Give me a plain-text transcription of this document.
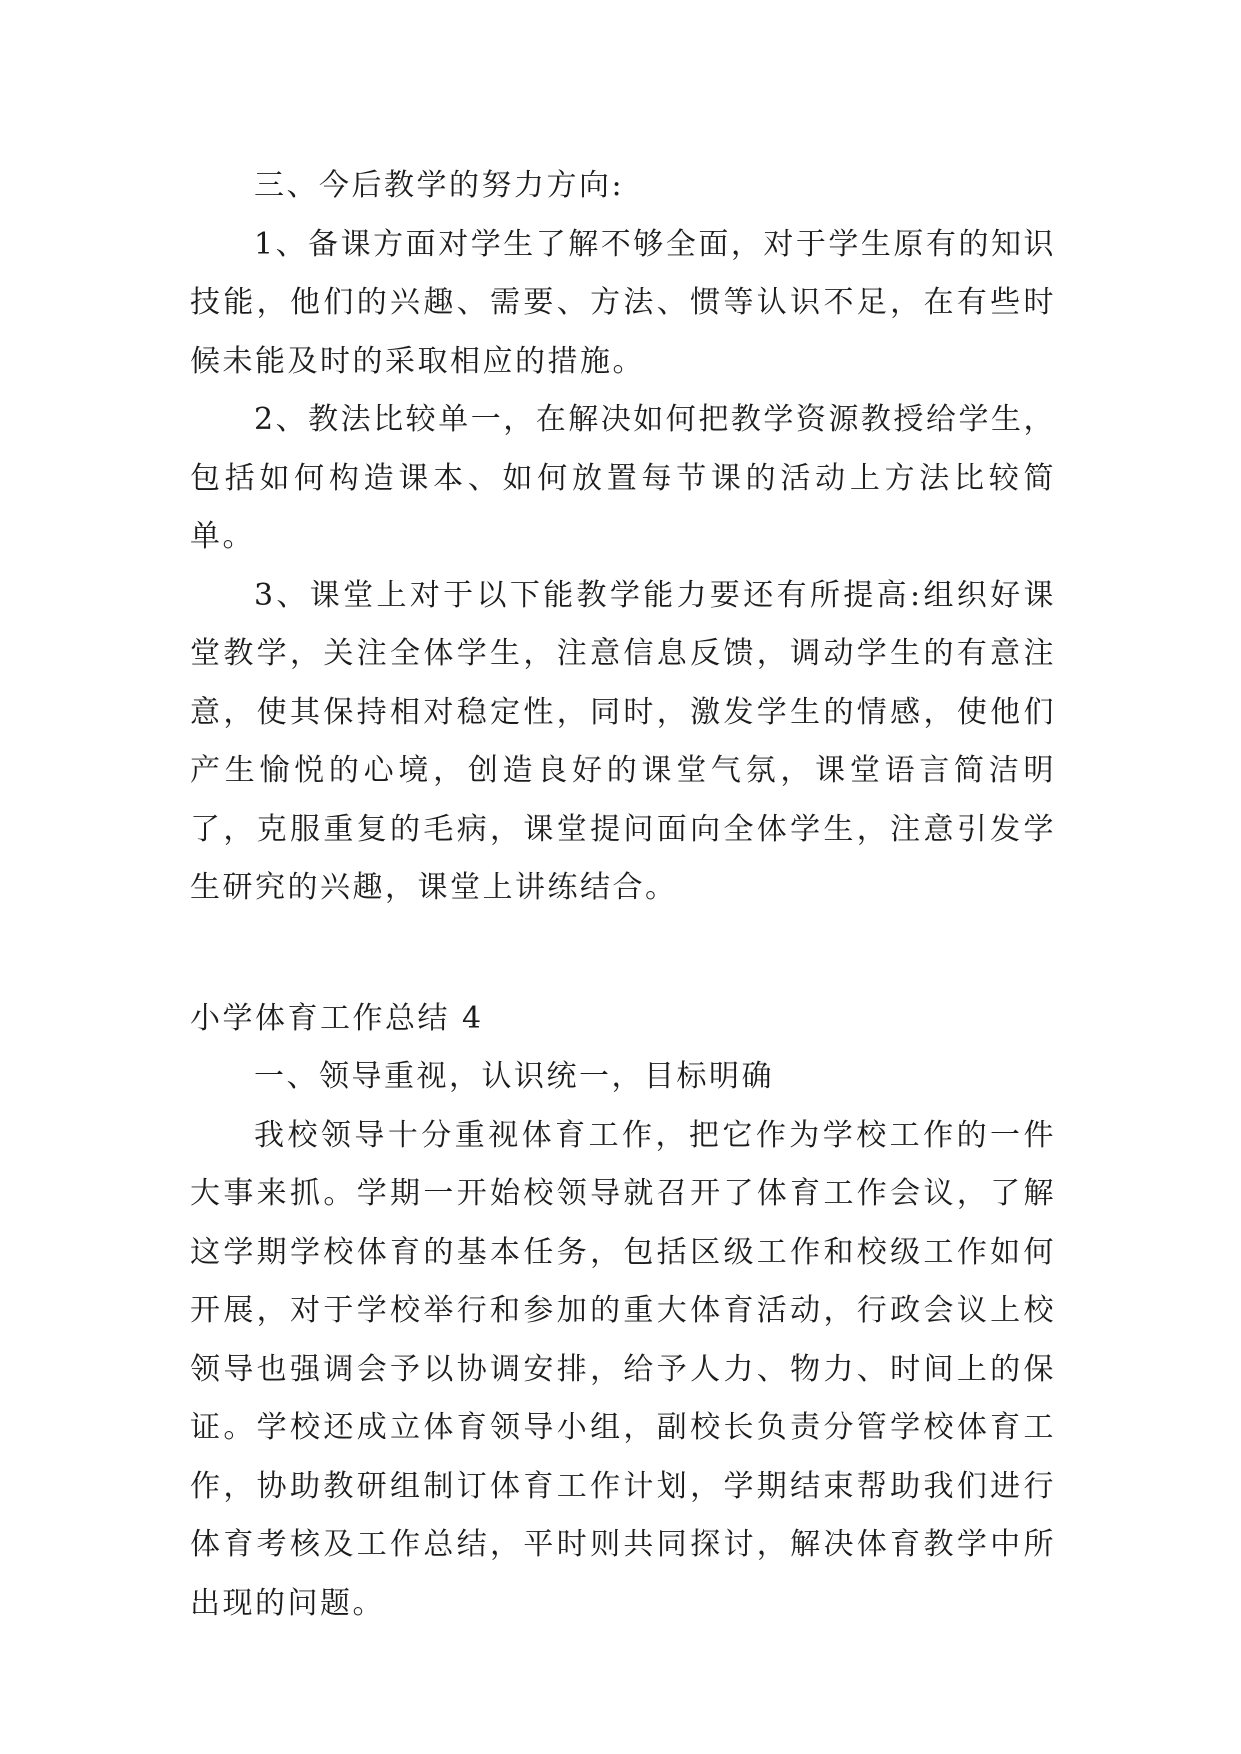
三、今后教学的努力方向:

1、备课方面对学生了解不够全面，对于学生原有的知识技能，他们的兴趣、需要、方法、惯等认识不足，在有些时候未能及时的采取相应的措施。

2、教法比较单一，在解决如何把教学资源教授给学生，包括如何构造课本、如何放置每节课的活动上方法比较简单。

3、课堂上对于以下能教学能力要还有所提高:组织好课堂教学，关注全体学生，注意信息反馈，调动学生的有意注意，使其保持相对稳定性，同时，激发学生的情感，使他们产生愉悦的心境，创造良好的课堂气氛，课堂语言简洁明了，克服重复的毛病，课堂提问面向全体学生，注意引发学生研究的兴趣，课堂上讲练结合。

小学体育工作总结 4

一、领导重视，认识统一，目标明确

我校领导十分重视体育工作，把它作为学校工作的一件大事来抓。学期一开始校领导就召开了体育工作会议，了解这学期学校体育的基本任务，包括区级工作和校级工作如何开展，对于学校举行和参加的重大体育活动，行政会议上校领导也强调会予以协调安排，给予人力、物力、时间上的保证。学校还成立体育领导小组，副校长负责分管学校体育工作，协助教研组制订体育工作计划，学期结束帮助我们进行体育考核及工作总结，平时则共同探讨，解决体育教学中所出现的问题。
